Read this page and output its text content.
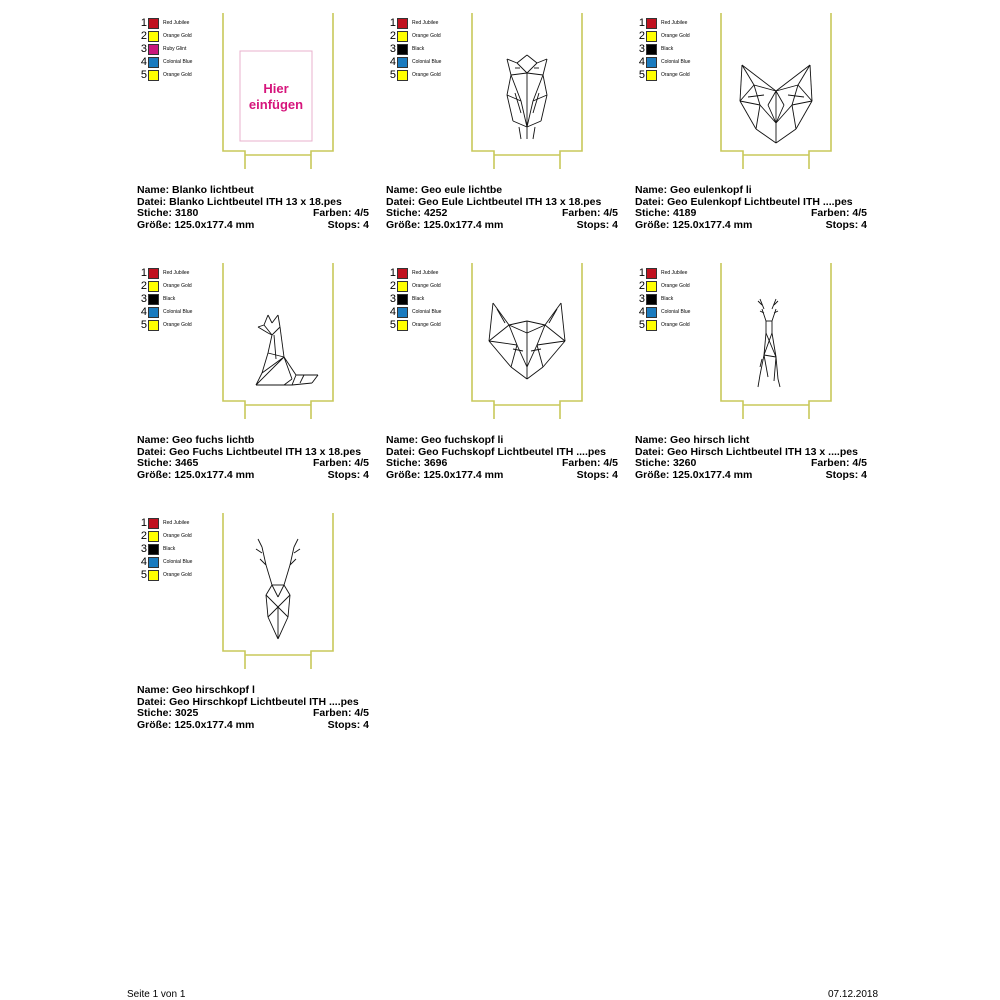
1	Red Jubilee
2	Orange Gold
3	Ruby Glint
4	Colonial Blue
5	Orange Gold
Hier
einfügen
Name: Blanko lichtbeut
Datei: Blanko Lichtbeutel ITH 13 x 18.pes
Stiche: 3180	Farben: 4/5
Größe: 125.0x177.4 mm	Stops: 4
1	Red Jubilee
2	Orange Gold
3	Black
4	Colonial Blue
5	Orange Gold
Name: Geo eule lichtbe
Datei: Geo Eule Lichtbeutel ITH 13 x 18.pes
Stiche: 4252	Farben: 4/5
Größe: 125.0x177.4 mm	Stops: 4
1	Red Jubilee
2	Orange Gold
3	Black
4	Colonial Blue
5	Orange Gold
Name: Geo eulenkopf li
Datei: Geo Eulenkopf Lichtbeutel ITH ....pes
Stiche: 4189	Farben: 4/5
Größe: 125.0x177.4 mm	Stops: 4
1	Red Jubilee
2	Orange Gold
3	Black
4	Colonial Blue
5	Orange Gold
Name: Geo fuchs lichtb
Datei: Geo Fuchs Lichtbeutel ITH 13 x 18.pes
Stiche: 3465	Farben: 4/5
Größe: 125.0x177.4 mm	Stops: 4
1	Red Jubilee
2	Orange Gold
3	Black
4	Colonial Blue
5	Orange Gold
Name: Geo fuchskopf li
Datei: Geo Fuchskopf Lichtbeutel ITH ....pes
Stiche: 3696	Farben: 4/5
Größe: 125.0x177.4 mm	Stops: 4
1	Red Jubilee
2	Orange Gold
3	Black
4	Colonial Blue
5	Orange Gold
Name: Geo hirsch licht
Datei: Geo Hirsch Lichtbeutel ITH 13 x ....pes
Stiche: 3260	Farben: 4/5
Größe: 125.0x177.4 mm	Stops: 4
1	Red Jubilee
2	Orange Gold
3	Black
4	Colonial Blue
5	Orange Gold
Name: Geo hirschkopf l
Datei: Geo Hirschkopf Lichtbeutel ITH ....pes
Stiche: 3025	Farben: 4/5
Größe: 125.0x177.4 mm	Stops: 4
Seite 1 von 1	07.12.2018
